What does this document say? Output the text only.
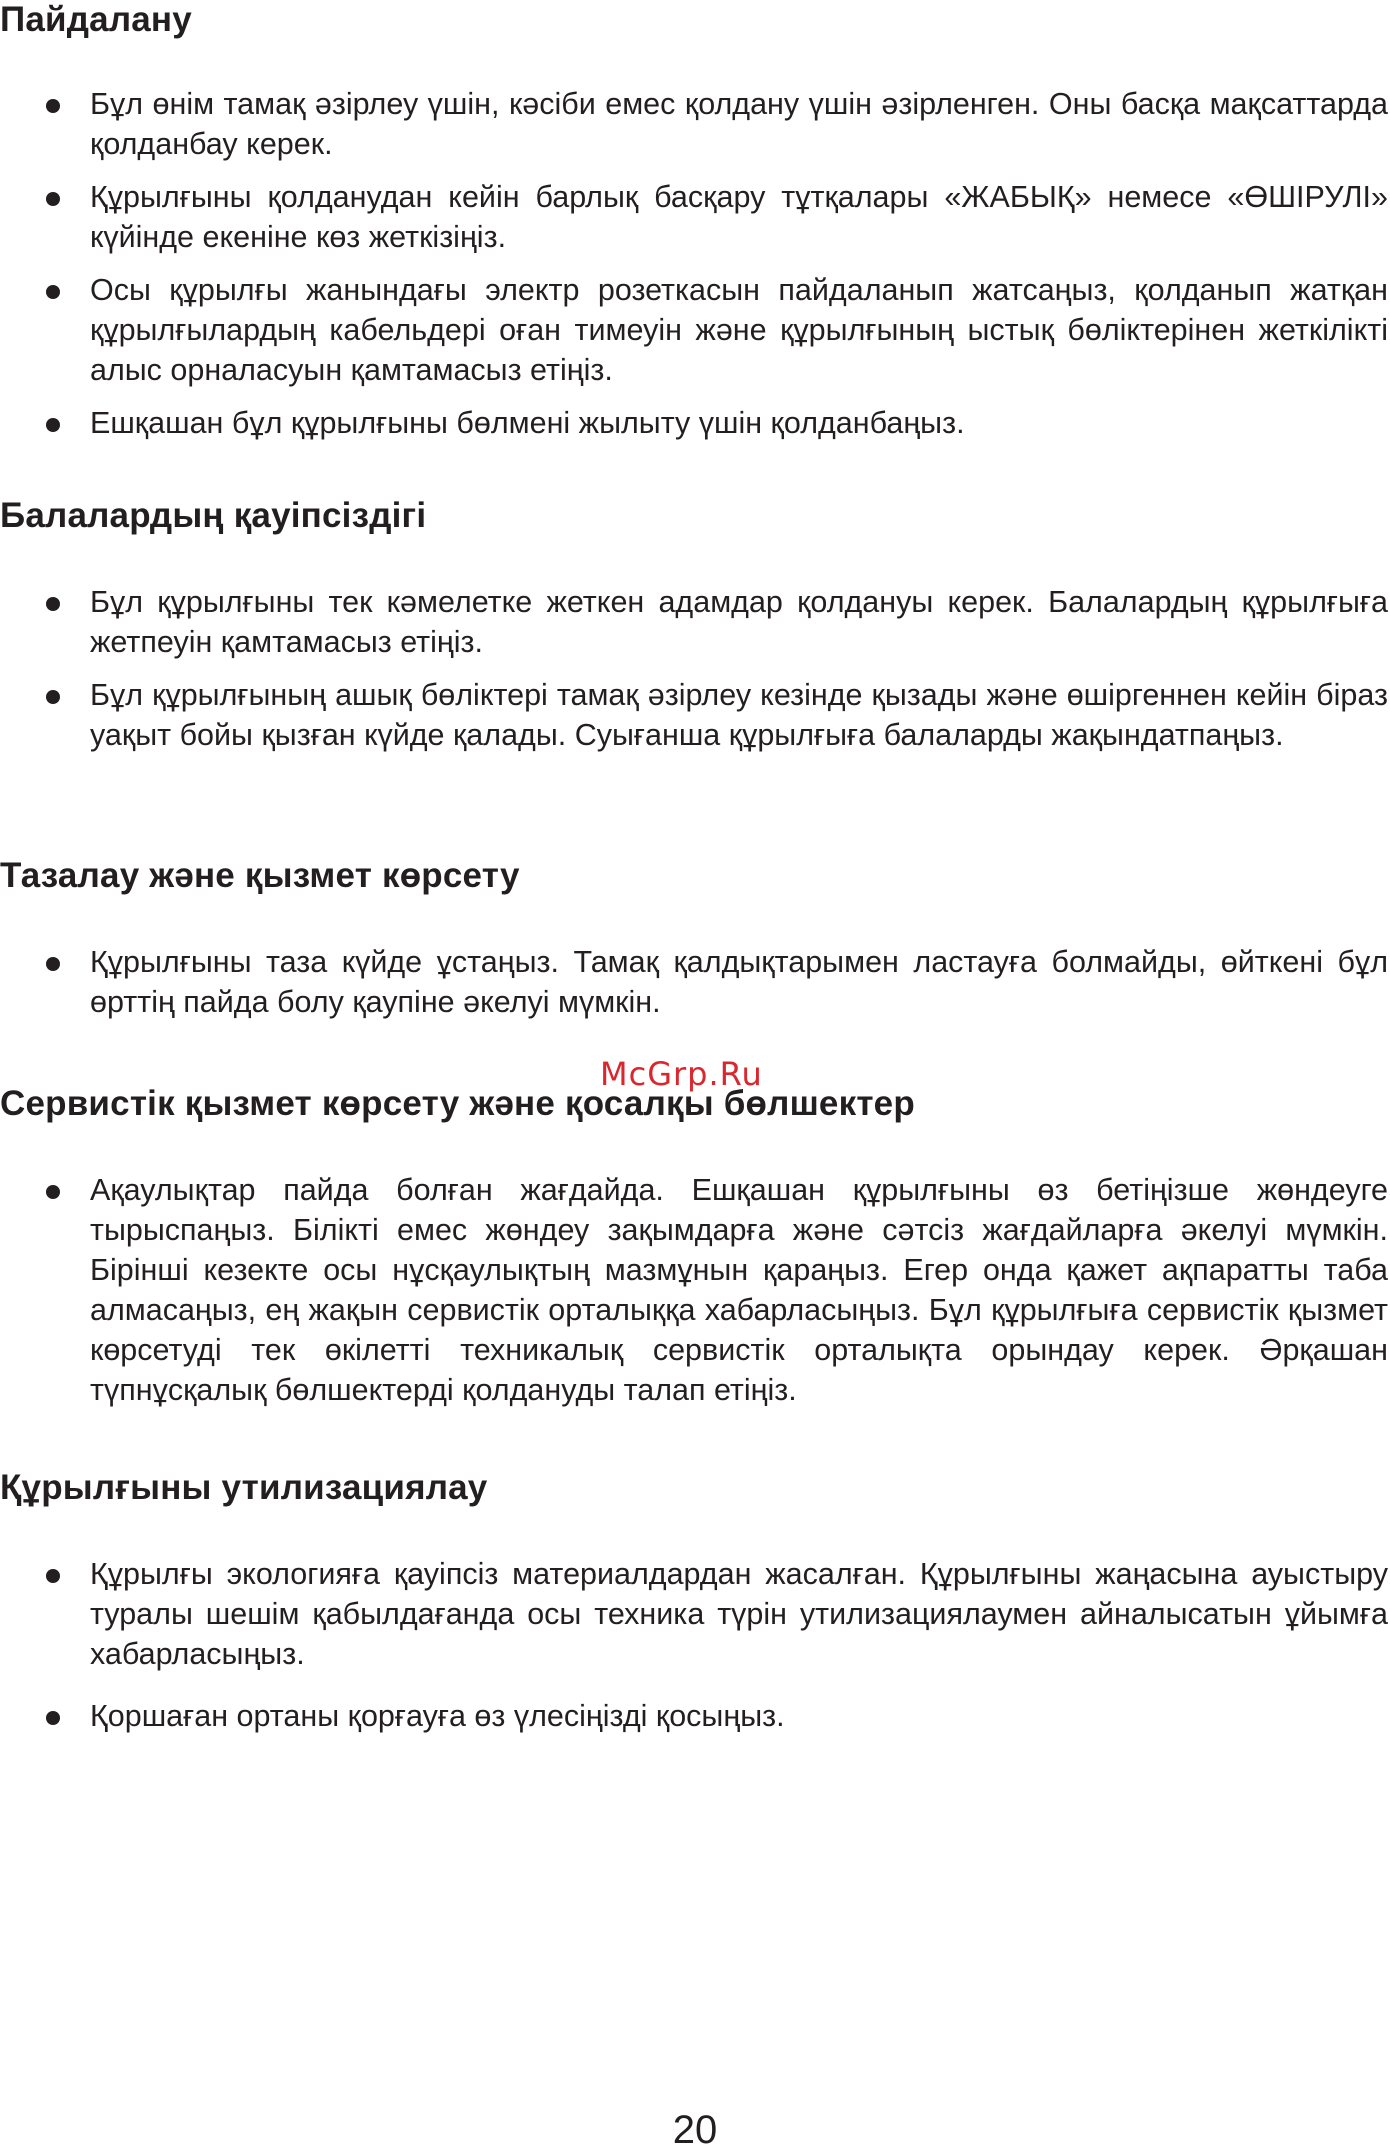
Пайдалану
Бұл өнім тамақ әзірлеу үшін, кәсіби емес қолдану үшін әзірленген. Оны басқа мақсаттарда қолданбау керек.
Құрылғыны қолданудан кейін барлық басқару тұтқалары «ЖАБЫҚ» немесе «ӨШІРУЛІ» күйінде екеніне көз жеткізіңіз.
Осы құрылғы жанындағы электр розеткасын пайдаланып жатсаңыз, қолданып жатқан құрылғылардың кабельдері оған тимеуін және құрылғының ыстық бөліктерінен жеткілікті алыс орналасуын қамтамасыз етіңіз.
Ешқашан бұл құрылғыны бөлмені жылыту үшін қолданбаңыз.
Балалардың қауіпсіздігі
Бұл құрылғыны тек кәмелетке жеткен адамдар қолдануы керек. Балалардың құрылғыға жетпеуін қамтамасыз етіңіз.
Бұл құрылғының ашық бөліктері тамақ әзірлеу кезінде қызады және өшіргеннен кейін біраз уақыт бойы қызған күйде қалады. Суығанша құрылғыға балаларды жақындатпаңыз.
Тазалау және қызмет көрсету
Құрылғыны таза күйде ұстаңыз. Тамақ қалдықтарымен ластауға болмайды, өйткені бұл өрттің пайда болу қаупіне әкелуі мүмкін.
Сервистік қызмет көрсету және қосалқы бөлшектер
Ақаулықтар пайда болған жағдайда. Ешқашан құрылғыны өз бетіңізше жөндеуге тырыспаңыз. Білікті емес жөндеу зақымдарға және сәтсіз жағдайларға әкелуі мүмкін. Бірінші кезекте осы нұсқаулықтың мазмұнын қараңыз. Егер онда қажет ақпаратты таба алмасаңыз, ең жақын сервистік орталыққа хабарласыңыз. Бұл құрылғыға сервистік қызмет көрсетуді тек өкілетті техникалық сервистік орталықта орындау керек. Әрқашан түпнұсқалық бөлшектерді қолдануды талап етіңіз.
Құрылғыны утилизациялау
Құрылғы экологияға қауіпсіз материалдардан жасалған. Құрылғыны жаңасына ауыстыру туралы шешім қабылдағанда осы техника түрін утилизациялаумен айналысатын ұйымға хабарласыңыз.
Қоршаған ортаны қорғауға өз үлесіңізді қосыңыз.
McGrp.Ru
20
